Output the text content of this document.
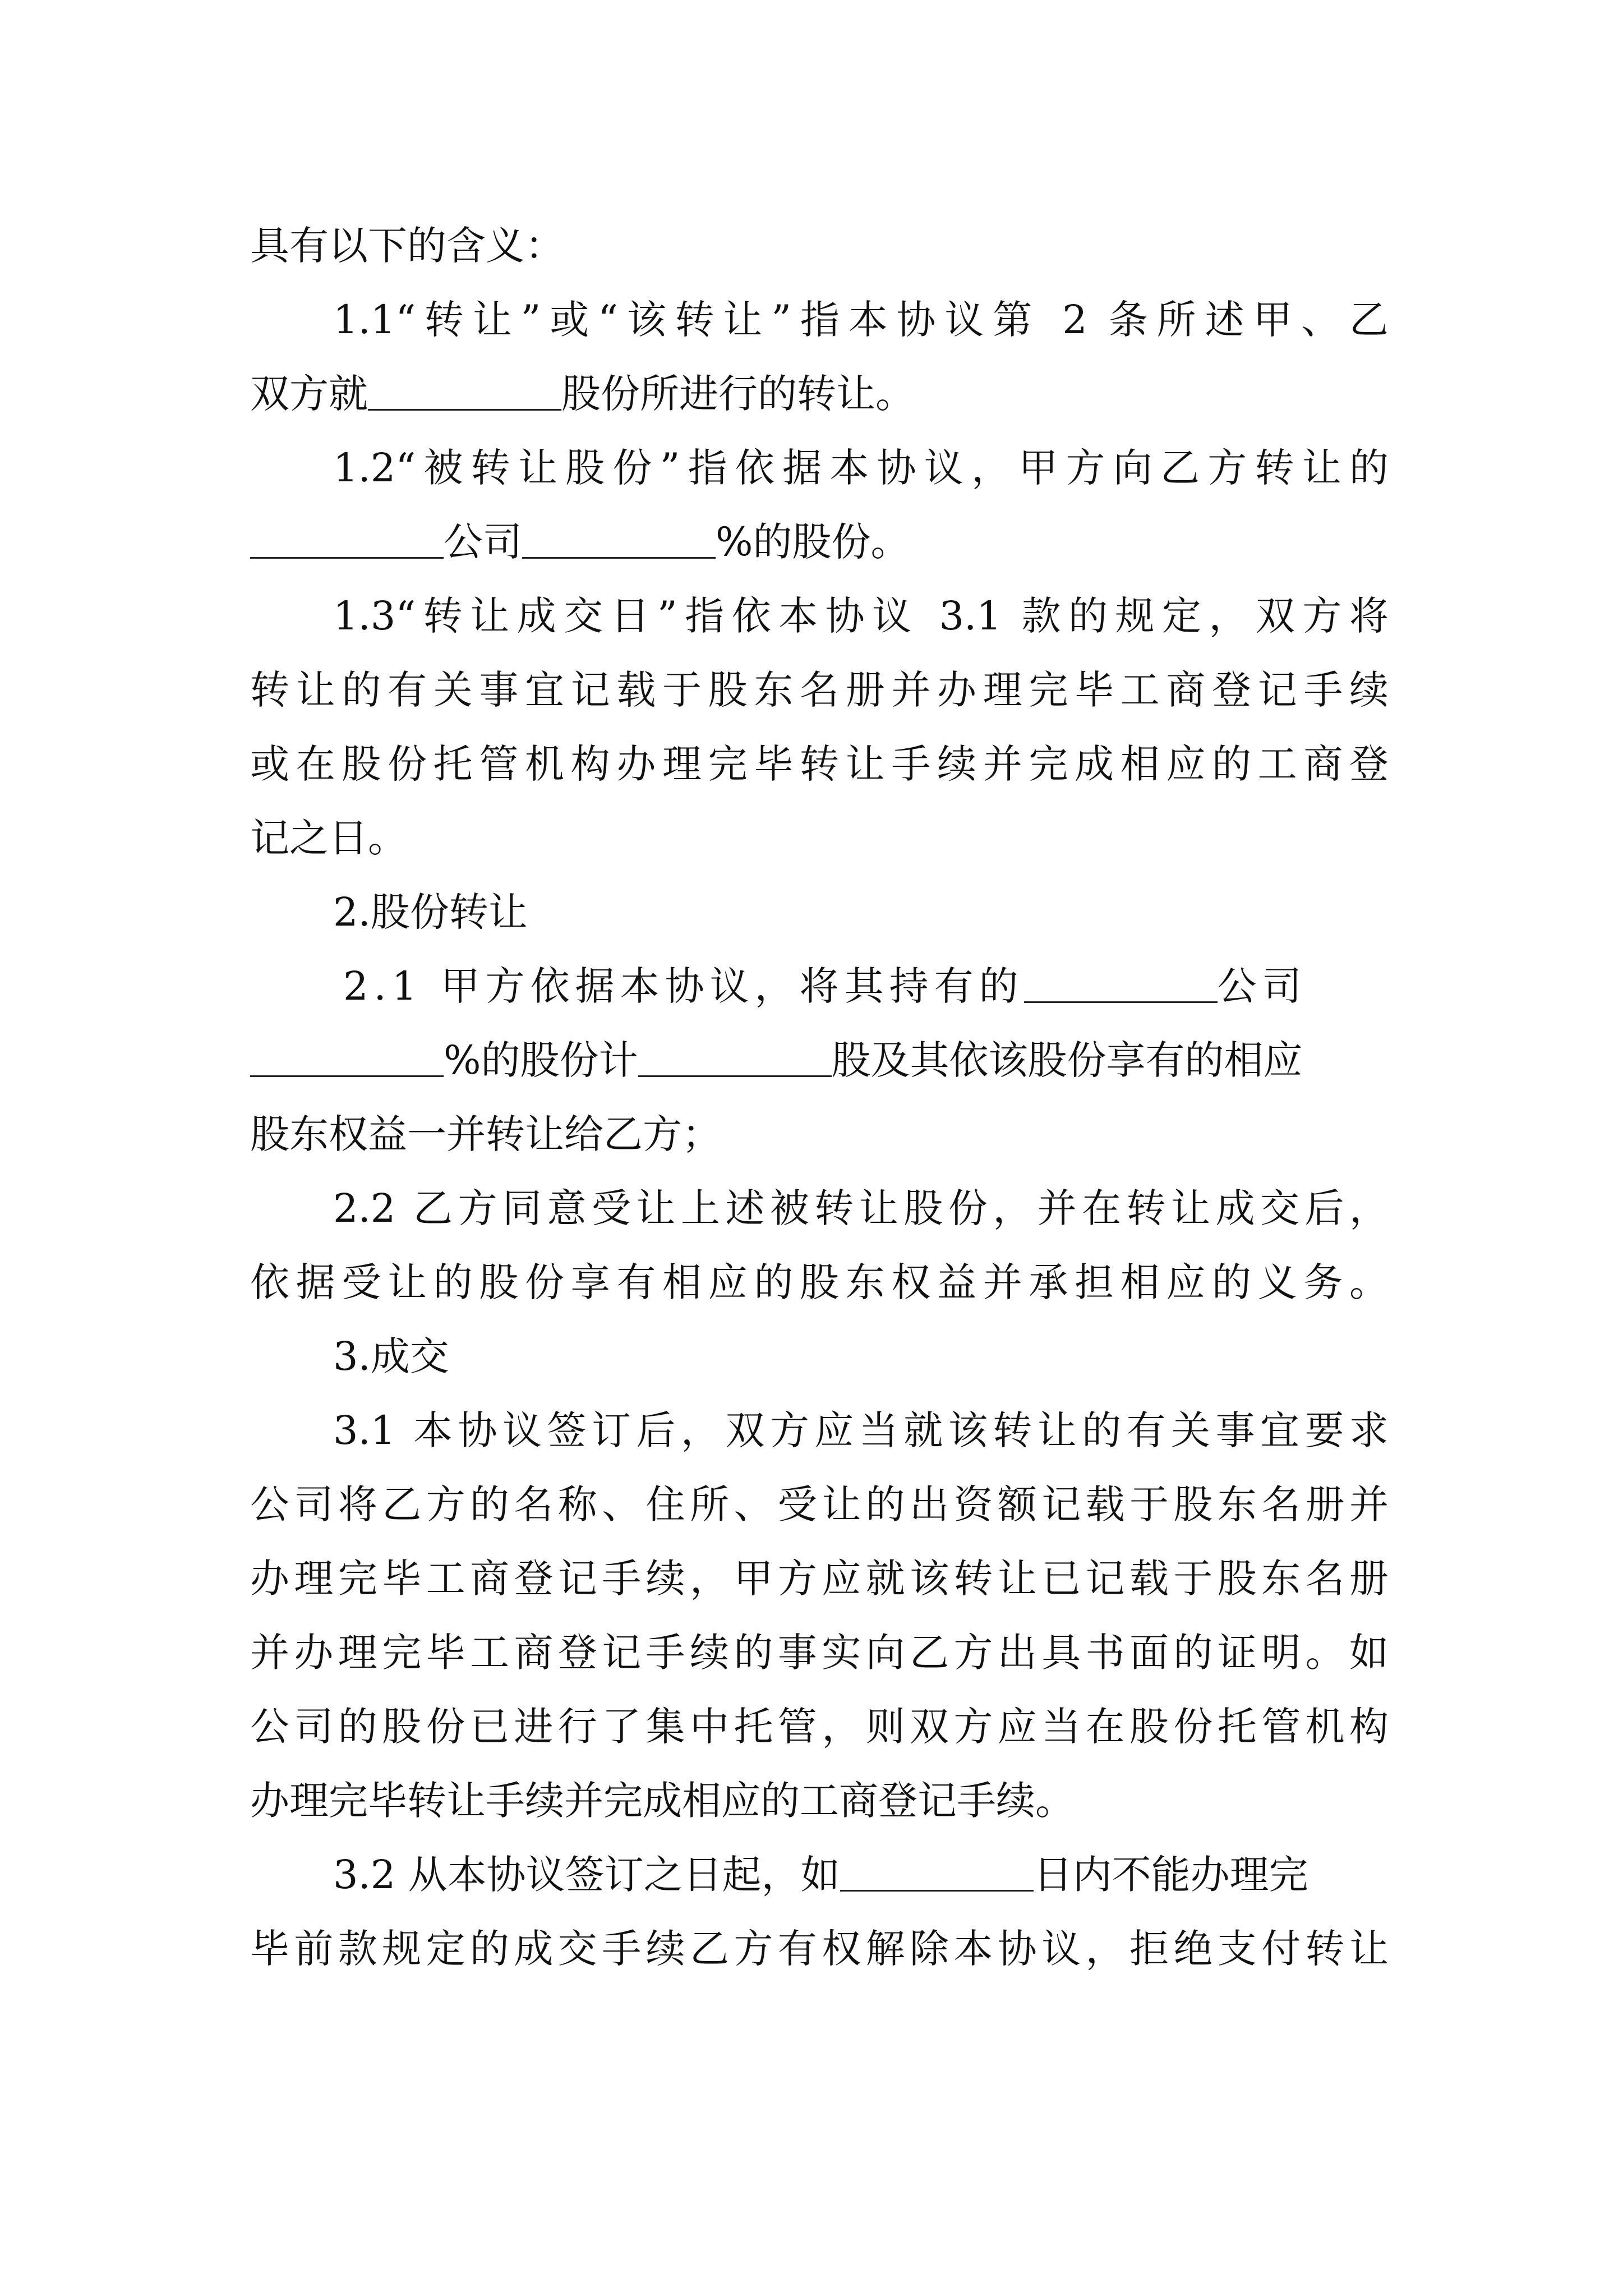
具有以下的含义：
1.1“转让”或“该转让”指本协议第 2 条所述甲、乙
双方就	股份所进行的转让。
1.2“被转让股份”指依据本协议，甲方向乙方转让的
公司	%的股份。
1.3“转让成交日”指依本协议 3.1 款的规定，双方将
转让的有关事宜记载于股东名册并办理完毕工商登记手续
或在股份托管机构办理完毕转让手续并完成相应的工商登
记之日。
2.股份转让
2.1 甲方依据本协议，将其持有的	公司
%的股份计	股及其依该股份享有的相应
股东权益一并转让给乙方；
2.2 乙方同意受让上述被转让股份，并在转让成交后，
依据受让的股份享有相应的股东权益并承担相应的义务。
3.成交
3.1 本协议签订后，双方应当就该转让的有关事宜要求
公司将乙方的名称、住所、受让的出资额记载于股东名册并
办理完毕工商登记手续，甲方应就该转让已记载于股东名册
并办理完毕工商登记手续的事实向乙方出具书面的证明。如
公司的股份已进行了集中托管，则双方应当在股份托管机构
办理完毕转让手续并完成相应的工商登记手续。
3.2 从本协议签订之日起，如	日内不能办理完
毕前款规定的成交手续乙方有权解除本协议，拒绝支付转让
